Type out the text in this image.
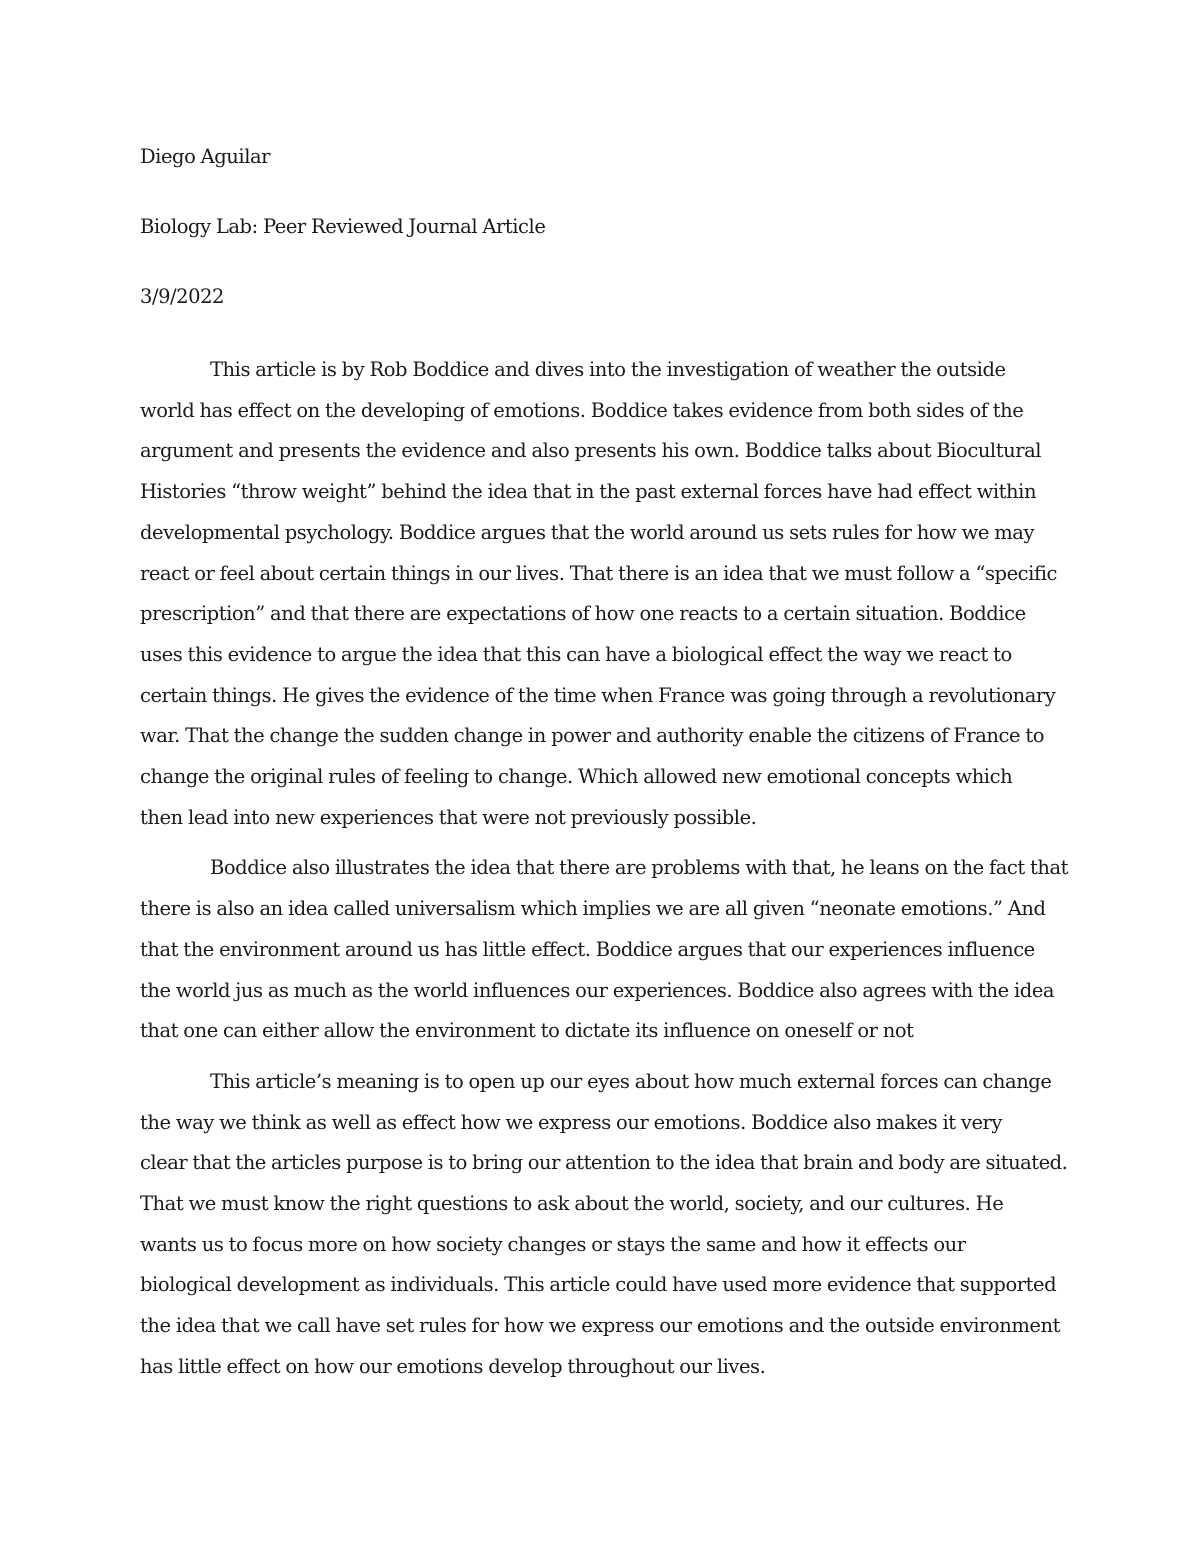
Diego Aguilar

Biology Lab: Peer Reviewed Journal Article

3/9/2022

This article is by Rob Boddice and dives into the investigation of weather the outside
world has effect on the developing of emotions. Boddice takes evidence from both sides of the
argument and presents the evidence and also presents his own. Boddice talks about Biocultural
Histories “throw weight” behind the idea that in the past external forces have had effect within
developmental psychology. Boddice argues that the world around us sets rules for how we may
react or feel about certain things in our lives. That there is an idea that we must follow a “specific
prescription” and that there are expectations of how one reacts to a certain situation. Boddice
uses this evidence to argue the idea that this can have a biological effect the way we react to
certain things. He gives the evidence of the time when France was going through a revolutionary
war. That the change the sudden change in power and authority enable the citizens of France to
change the original rules of feeling to change. Which allowed new emotional concepts which
then lead into new experiences that were not previously possible.

Boddice also illustrates the idea that there are problems with that, he leans on the fact that
there is also an idea called universalism which implies we are all given “neonate emotions.” And
that the environment around us has little effect. Boddice argues that our experiences influence
the world jus as much as the world influences our experiences. Boddice also agrees with the idea
that one can either allow the environment to dictate its influence on oneself or not

This article’s meaning is to open up our eyes about how much external forces can change
the way we think as well as effect how we express our emotions. Boddice also makes it very
clear that the articles purpose is to bring our attention to the idea that brain and body are situated.
That we must know the right questions to ask about the world, society, and our cultures. He
wants us to focus more on how society changes or stays the same and how it effects our
biological development as individuals. This article could have used more evidence that supported
the idea that we call have set rules for how we express our emotions and the outside environment
has little effect on how our emotions develop throughout our lives.
